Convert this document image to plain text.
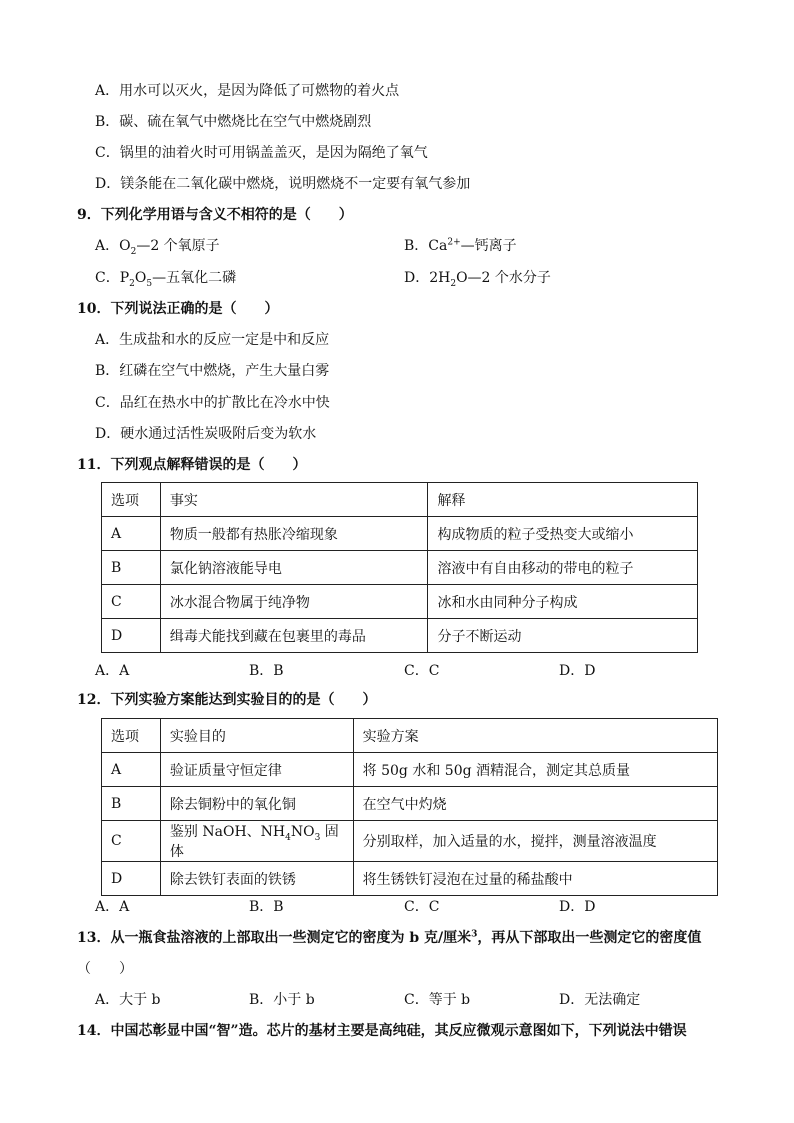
A．用水可以灭火，是因为降低了可燃物的着火点
B．碳、硫在氧气中燃烧比在空气中燃烧剧烈
C．锅里的油着火时可用锅盖盖灭，是因为隔绝了氧气
D．镁条能在二氧化碳中燃烧，说明燃烧不一定要有氧气参加
9．下列化学用语与含义不相符的是（　　）
A．$O_2—2$ 个氧原子	B．$Ca^{2+}—$钙离子
C．$P_2O_5—$五氧化二磷	D．$2H_2O—2$ 个水分子
10．下列说法正确的是（　　）
A．生成盐和水的反应一定是中和反应
B．红磷在空气中燃烧，产生大量白雾
C．品红在热水中的扩散比在冷水中快
D．硬水通过活性炭吸附后变为软水
11．下列观点解释错误的是（　　）
选项	事实	解释
A	物质一般都有热胀冷缩现象	构成物质的粒子受热变大或缩小
B	氯化钠溶液能导电	溶液中有自由移动的带电的粒子
C	冰水混合物属于纯净物	冰和水由同种分子构成
D	缉毒犬能找到藏在包裹里的毒品	分子不断运动
A．A	B．B	C．C	D．D
12．下列实验方案能达到实验目的的是（　　）
选项	实验目的	实验方案
A	验证质量守恒定律	将 50g 水和 50g 酒精混合，测定其总质量
B	除去铜粉中的氧化铜	在空气中灼烧
C	鉴别 NaOH、$NH_4NO_3$ 固体	分别取样，加入适量的水，搅拌，测量溶液温度
D	除去铁钉表面的铁锈	将生锈铁钉浸泡在过量的稀盐酸中
A．A	B．B	C．C	D．D
13．从一瓶食盐溶液的上部取出一些测定它的密度为 b 克/厘米$^3$，再从下部取出一些测定它的密度值
（　　）
A．大于 b	B．小于 b	C．等于 b	D．无法确定
14．中国芯彰显中国“智”造。芯片的基材主要是高纯硅，其反应微观示意图如下，下列说法中错误
